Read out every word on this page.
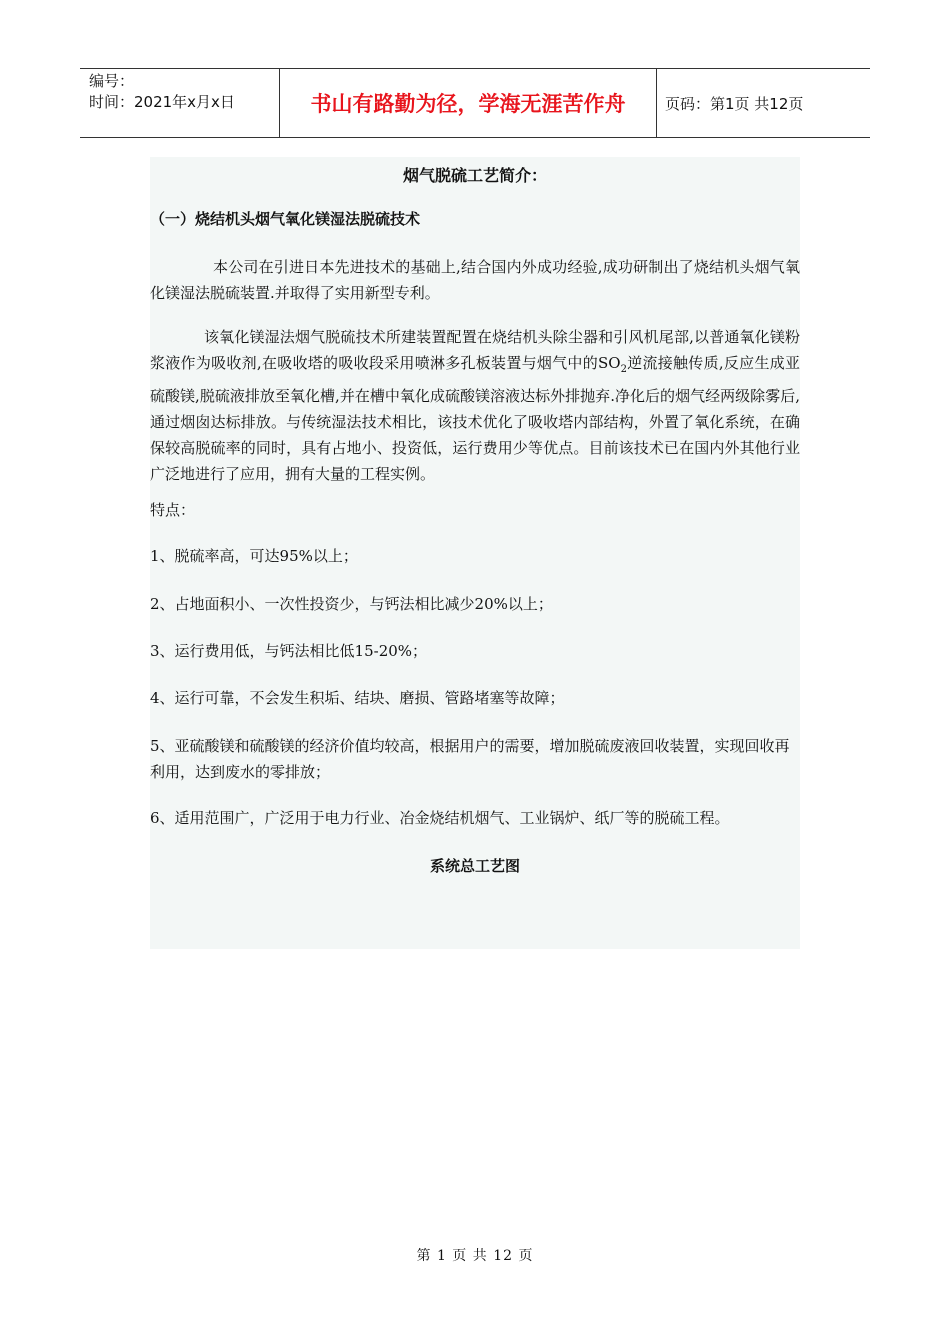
编号：
时间：2021年x月x日	书山有路勤为径，学海无涯苦作舟	页码：第1页 共12页
烟气脱硫工艺简介：
（一）烧结机头烟气氧化镁湿法脱硫技术

本公司在引进日本先进技术的基础上,结合国内外成功经验,成功研制出了烧结机头烟气氧化镁湿法脱硫装置.并取得了实用新型专利。

该氧化镁湿法烟气脱硫技术所建装置配置在烧结机头除尘器和引风机尾部,以普通氧化镁粉浆液作为吸收剂,在吸收塔的吸收段采用喷淋多孔板装置与烟气中的$SO_2$逆流接触传质,反应生成亚硫酸镁,脱硫液排放至氧化槽,并在槽中氧化成硫酸镁溶液达标外排抛弃.净化后的烟气经两级除雾后,通过烟囱达标排放。与传统湿法技术相比，该技术优化了吸收塔内部结构，外置了氧化系统，在确保较高脱硫率的同时，具有占地小、投资低，运行费用少等优点。目前该技术已在国内外其他行业广泛地进行了应用，拥有大量的工程实例。

特点：
1、脱硫率高，可达95%以上；
2、占地面积小、一次性投资少，与钙法相比减少20%以上；
3、运行费用低，与钙法相比低15-20%；
4、运行可靠，不会发生积垢、结块、磨损、管路堵塞等故障；
5、亚硫酸镁和硫酸镁的经济价值均较高，根据用户的需要，增加脱硫废液回收装置，实现回收再利用，达到废水的零排放；
6、适用范围广，广泛用于电力行业、冶金烧结机烟气、工业锅炉、纸厂等的脱硫工程。
系统总工艺图
第 1 页 共 12 页
